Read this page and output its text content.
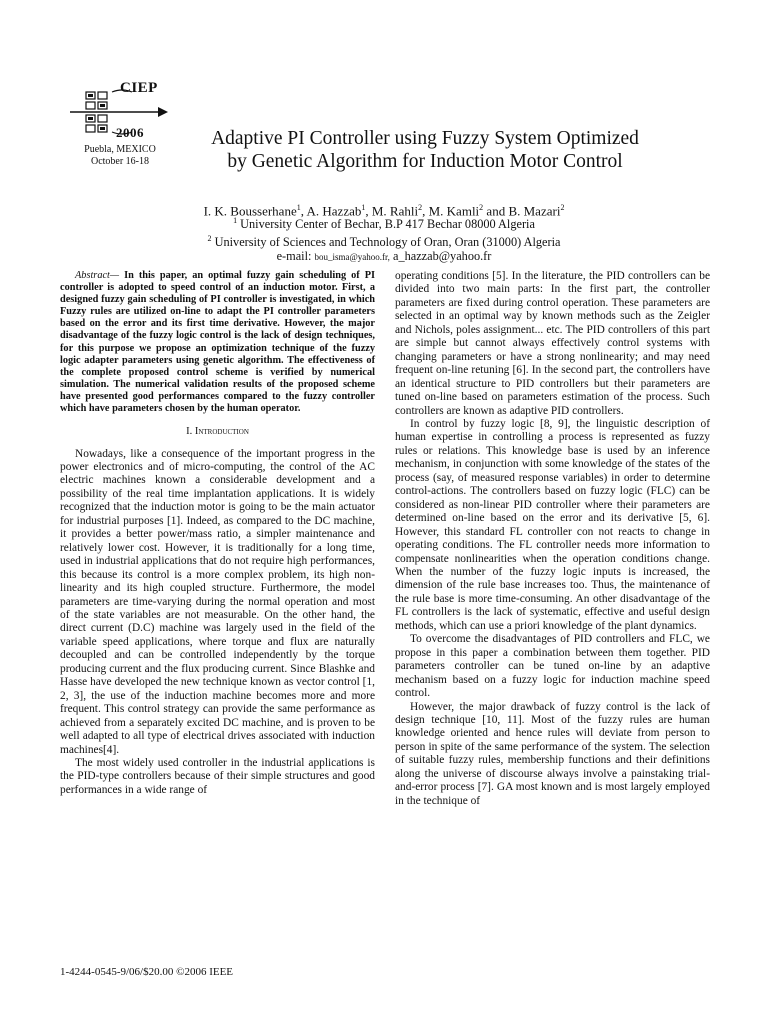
CIEP
2006
Puebla, MEXICO
October 16-18
Adaptive PI Controller using Fuzzy System Optimized
by Genetic Algorithm for Induction Motor Control
I. K. Bousserhane$^1$, A. Hazzab$^1$, M. Rahli$^2$, M. Kamli$^2$ and B. Mazari$^2$
$^1$ University Center of Bechar, B.P 417 Bechar 08000 Algeria
$^2$ University of Sciences and Technology of Oran, Oran (31000) Algeria
e-mail: bou_isma@yahoo.fr, a_hazzab@yahoo.fr

Abstract— In this paper, an optimal fuzzy gain scheduling of PI controller is adopted to speed control of an induction motor. First, a designed fuzzy gain scheduling of PI controller is investigated, in which Fuzzy rules are utilized on-line to adapt the PI controller parameters based on the error and its first time derivative. However, the major disadvantage of the fuzzy logic control is the lack of design techniques, for this purpose we propose an optimization technique of the fuzzy logic adapter parameters using genetic algorithm. The effectiveness of the complete proposed control scheme is verified by numerical simulation. The numerical validation results of the proposed scheme have presented good performances compared to the fuzzy controller which have parameters chosen by the human operator.

I. Introduction

Nowadays, like a consequence of the important progress in the power electronics and of micro-computing, the control of the AC electric machines known a considerable development and a possibility of the real time implantation applications. It is widely recognized that the induction motor is going to be the main actuator for industrial purposes [1]. Indeed, as compared to the DC machine, it provides a better power/mass ratio, a simpler maintenance and relatively lower cost. However, it is traditionally for a long time, used in industrial applications that do not require high performances, this because its control is a more complex problem, its high non-linearity and its high coupled structure. Furthermore, the model parameters are time-varying during the normal operation and most of the state variables are not measurable. On the other hand, the direct current (D.C) machine was largely used in the field of the variable speed applications, where torque and flux are naturally decoupled and can be controlled independently by the torque producing current and the flux producing current. Since Blashke and Hasse have developed the new technique known as vector control [1, 2, 3], the use of the induction machine becomes more and more frequent. This control strategy can provide the same performance as achieved from a separately excited DC machine, and is proven to be well adapted to all type of electrical drives associated with induction machines[4].

The most widely used controller in the industrial applications is the PID-type controllers because of their simple structures and good performances in a wide range of

operating conditions [5]. In the literature, the PID controllers can be divided into two main parts: In the first part, the controller parameters are fixed during control operation. These parameters are selected in an optimal way by known methods such as the Zeigler and Nichols, poles assignment... etc. The PID controllers of this part are simple but cannot always effectively control systems with changing parameters or have a strong nonlinearity; and may need frequent on-line retuning [6]. In the second part, the controllers have an identical structure to PID controllers but their parameters are tuned on-line based on parameters estimation of the process. Such controllers are known as adaptive PID controllers.

In control by fuzzy logic [8, 9], the linguistic description of human expertise in controlling a process is represented as fuzzy rules or relations. This knowledge base is used by an inference mechanism, in conjunction with some knowledge of the states of the process (say, of measured response variables) in order to determine control-actions. The controllers based on fuzzy logic (FLC) can be considered as non-linear PID controller where their parameters are determined on-line based on the error and its derivative [5, 6]. However, this standard FL controller con not reacts to change in operating conditions. The FL controller needs more information to compensate nonlinearities when the operation conditions change. When the number of the fuzzy logic inputs is increased, the dimension of the rule base increases too. Thus, the maintenance of the rule base is more time-consuming. An other disadvantage of the FL controllers is the lack of systematic, effective and useful design methods, which can use a priori knowledge of the plant dynamics.

To overcome the disadvantages of PID controllers and FLC, we propose in this paper a combination between them together. PID parameters controller can be tuned on-line by an adaptive mechanism based on a fuzzy logic for induction machine speed control.

However, the major drawback of fuzzy control is the lack of design technique [10, 11]. Most of the fuzzy rules are human knowledge oriented and hence rules will deviate from person to person in spite of the same performance of the system. The selection of suitable fuzzy rules, membership functions and their definitions along the universe of discourse always involve a painstaking trial-and-error process [7]. GA most known and is most largely employed in the technique of

1-4244-0545-9/06/$20.00 ©2006 IEEE
